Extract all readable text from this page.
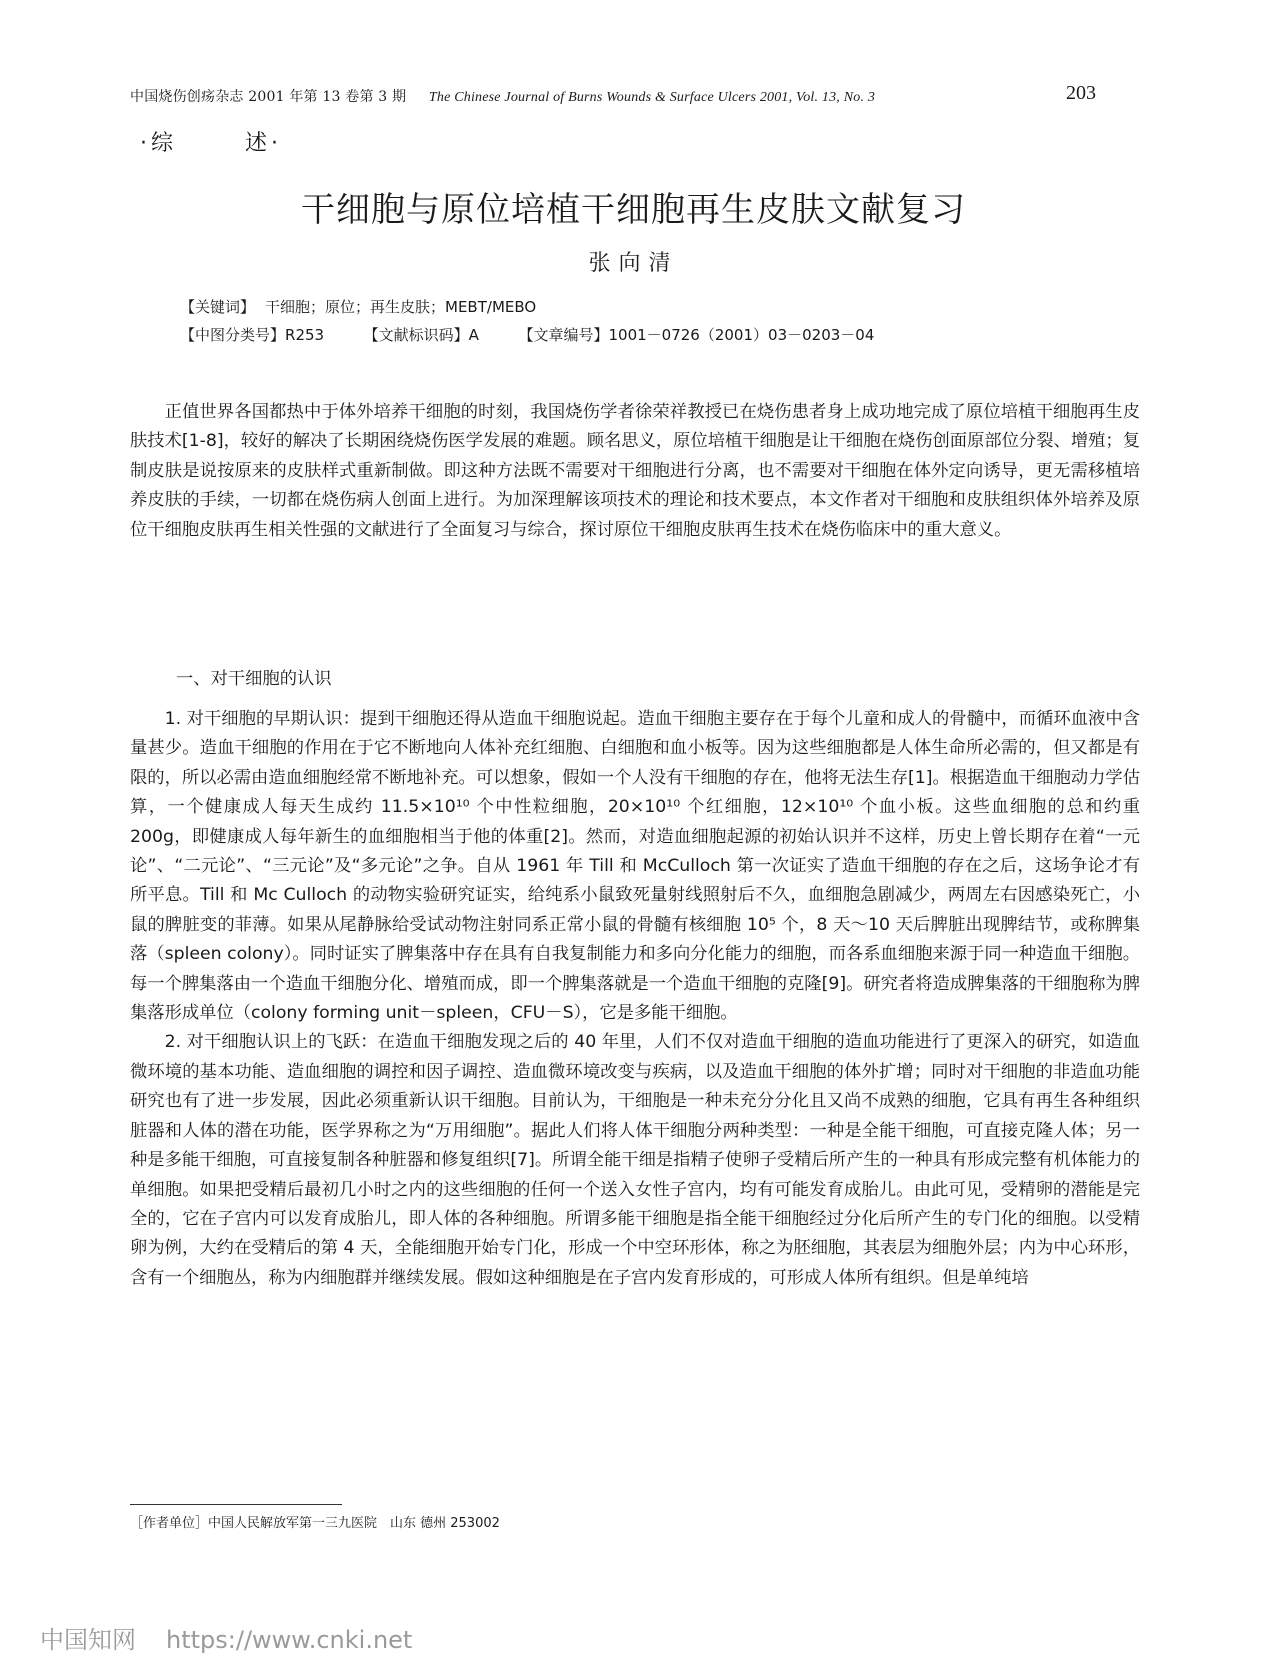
中国烧伤创疡杂志 2001 年第 13 卷第 3 期 The Chinese Journal of Burns Wounds & Surface Ulcers 2001, Vol. 13, No. 3	203
·综	述·
干细胞与原位培植干细胞再生皮肤文献复习
张向清
【关键词】 干细胞；原位；再生皮肤；MEBT/MEBO
【中图分类号】R253	【文献标识码】A	【文章编号】1001－0726（2001）03－0203－04

正值世界各国都热中于体外培养干细胞的时刻，我国烧伤学者徐荣祥教授已在烧伤患者身上成功地完成了原位培植干细胞再生皮肤技术[1-8]，较好的解决了长期困绕烧伤医学发展的难题。顾名思义，原位培植干细胞是让干细胞在烧伤创面原部位分裂、增殖；复制皮肤是说按原来的皮肤样式重新制做。即这种方法既不需要对干细胞进行分离，也不需要对干细胞在体外定向诱导，更无需移植培养皮肤的手续，一切都在烧伤病人创面上进行。为加深理解该项技术的理论和技术要点，本文作者对干细胞和皮肤组织体外培养及原位干细胞皮肤再生相关性强的文献进行了全面复习与综合，探讨原位干细胞皮肤再生技术在烧伤临床中的重大意义。

一、对干细胞的认识

1. 对干细胞的早期认识：提到干细胞还得从造血干细胞说起。造血干细胞主要存在于每个儿童和成人的骨髓中，而循环血液中含量甚少。造血干细胞的作用在于它不断地向人体补充红细胞、白细胞和血小板等。因为这些细胞都是人体生命所必需的，但又都是有限的，所以必需由造血细胞经常不断地补充。可以想象，假如一个人没有干细胞的存在，他将无法生存[1]。根据造血干细胞动力学估算，一个健康成人每天生成约 11.5×10¹⁰ 个中性粒细胞，20×10¹⁰ 个红细胞，12×10¹⁰ 个血小板。这些血细胞的总和约重 200g，即健康成人每年新生的血细胞相当于他的体重[2]。然而，对造血细胞起源的初始认识并不这样，历史上曾长期存在着“一元论”、“二元论”、“三元论”及“多元论”之争。自从 1961 年 Till 和 McCulloch 第一次证实了造血干细胞的存在之后，这场争论才有所平息。Till 和 Mc Culloch 的动物实验研究证实，给纯系小鼠致死量射线照射后不久，血细胞急剧减少，两周左右因感染死亡，小鼠的脾脏变的菲薄。如果从尾静脉给受试动物注射同系正常小鼠的骨髓有核细胞 10⁵ 个，8 天～10 天后脾脏出现脾结节，或称脾集落（spleen colony）。同时证实了脾集落中存在具有自我复制能力和多向分化能力的细胞，而各系血细胞来源于同一种造血干细胞。每一个脾集落由一个造血干细胞分化、增殖而成，即一个脾集落就是一个造血干细胞的克隆[9]。研究者将造成脾集落的干细胞称为脾集落形成单位（colony forming unit－spleen，CFU－S），它是多能干细胞。

2. 对干细胞认识上的飞跃：在造血干细胞发现之后的 40 年里，人们不仅对造血干细胞的造血功能进行了更深入的研究，如造血微环境的基本功能、造血细胞的调控和因子调控、造血微环境改变与疾病，以及造血干细胞的体外扩增；同时对干细胞的非造血功能研究也有了进一步发展，因此必须重新认识干细胞。目前认为，干细胞是一种未充分分化且又尚不成熟的细胞，它具有再生各种组织脏器和人体的潜在功能，医学界称之为“万用细胞”。据此人们将人体干细胞分两种类型：一种是全能干细胞，可直接克隆人体；另一种是多能干细胞，可直接复制各种脏器和修复组织[7]。所谓全能干细是指精子使卵子受精后所产生的一种具有形成完整有机体能力的单细胞。如果把受精后最初几小时之内的这些细胞的任何一个送入女性子宫内，均有可能发育成胎儿。由此可见，受精卵的潜能是完全的，它在子宫内可以发育成胎儿，即人体的各种细胞。所谓多能干细胞是指全能干细胞经过分化后所产生的专门化的细胞。以受精卵为例，大约在受精后的第 4 天，全能细胞开始专门化，形成一个中空环形体，称之为胚细胞，其表层为细胞外层；内为中心环形，含有一个细胞丛，称为内细胞群并继续发展。假如这种细胞是在子宫内发育形成的，可形成人体所有组织。但是单纯培

［作者单位］中国人民解放军第一三九医院　山东 德州 253002
中国知网 https://www.cnki.net
